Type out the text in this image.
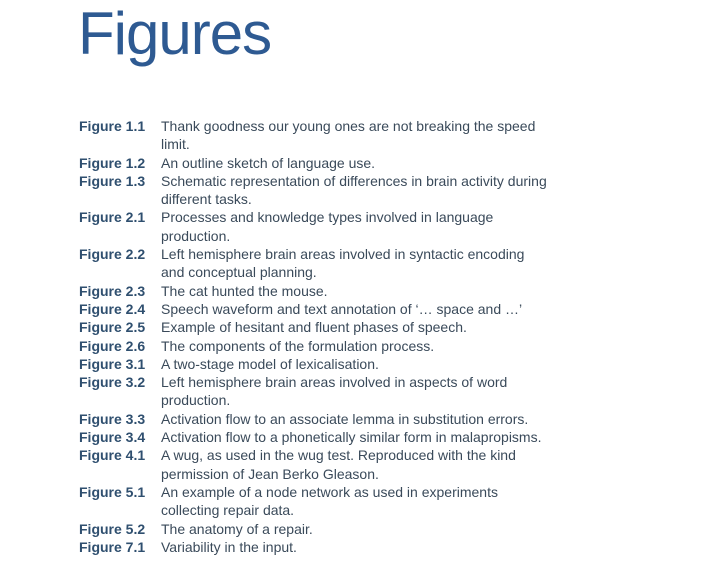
Figures
Figure 1.1	Thank goodness our young ones are not breaking the speed limit.
Figure 1.2	An outline sketch of language use.
Figure 1.3	Schematic representation of differences in brain activity during different tasks.
Figure 2.1	Processes and knowledge types involved in language production.
Figure 2.2	Left hemisphere brain areas involved in syntactic encoding and conceptual planning.
Figure 2.3	The cat hunted the mouse.
Figure 2.4	Speech waveform and text annotation of ‘… space and …’
Figure 2.5	Example of hesitant and fluent phases of speech.
Figure 2.6	The components of the formulation process.
Figure 3.1	A two-stage model of lexicalisation.
Figure 3.2	Left hemisphere brain areas involved in aspects of word production.
Figure 3.3	Activation flow to an associate lemma in substitution errors.
Figure 3.4	Activation flow to a phonetically similar form in malapropisms.
Figure 4.1	A wug, as used in the wug test. Reproduced with the kind permission of Jean Berko Gleason.
Figure 5.1	An example of a node network as used in experiments collecting repair data.
Figure 5.2	The anatomy of a repair.
Figure 7.1	Variability in the input.
